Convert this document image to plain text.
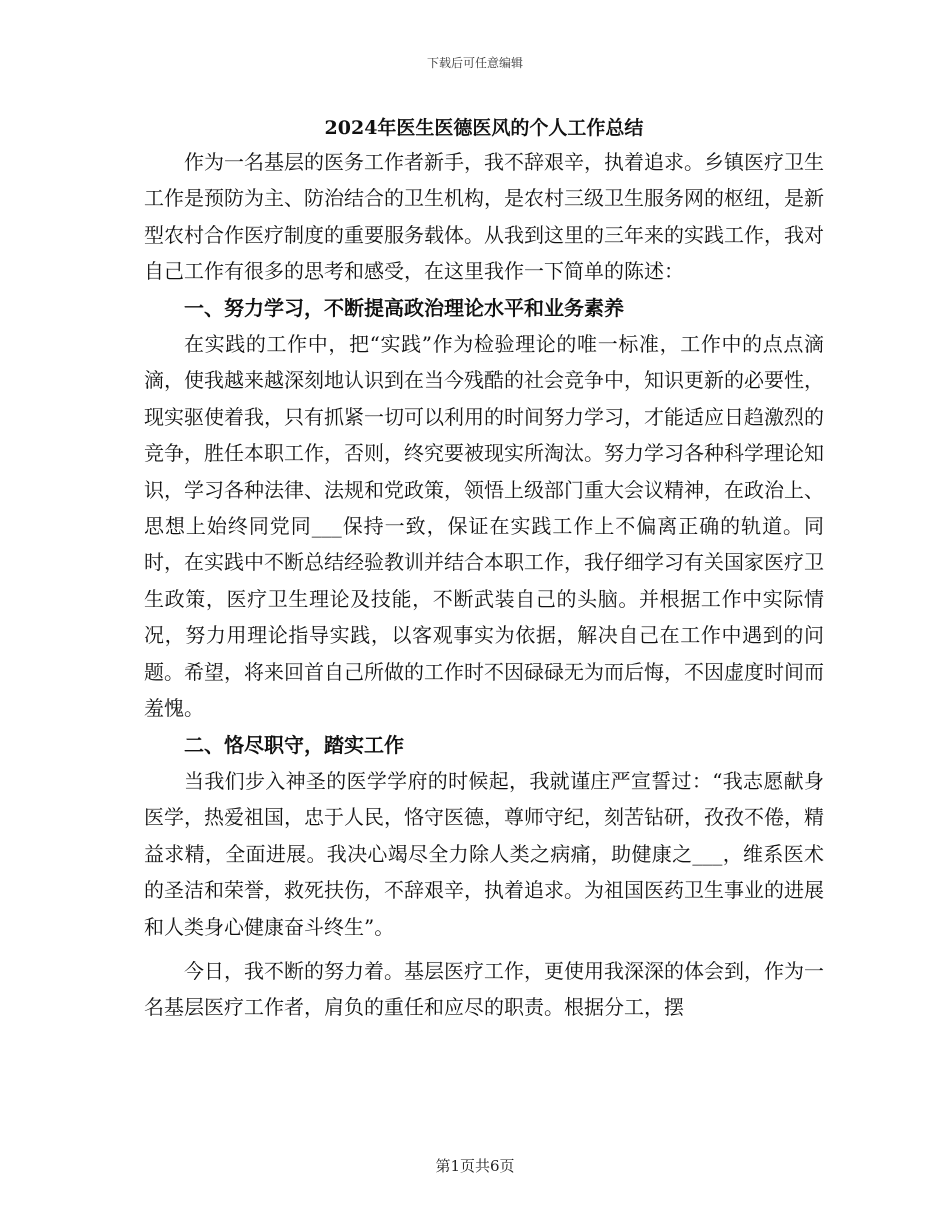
下载后可任意编辑
2024年医生医德医风的个人工作总结

作为一名基层的医务工作者新手，我不辞艰辛，执着追求。乡镇医疗卫生工作是预防为主、防治结合的卫生机构，是农村三级卫生服务网的枢纽，是新型农村合作医疗制度的重要服务载体。从我到这里的三年来的实践工作，我对自己工作有很多的思考和感受，在这里我作一下简单的陈述：

一、努力学习，不断提高政治理论水平和业务素养

在实践的工作中，把“实践”作为检验理论的唯一标准，工作中的点点滴滴，使我越来越深刻地认识到在当今残酷的社会竞争中，知识更新的必要性，现实驱使着我，只有抓紧一切可以利用的时间努力学习，才能适应日趋激烈的竞争，胜任本职工作，否则，终究要被现实所淘汰。努力学习各种科学理论知识，学习各种法律、法规和党政策，领悟上级部门重大会议精神，在政治上、思想上始终同党同___保持一致，保证在实践工作上不偏离正确的轨道。同时，在实践中不断总结经验教训并结合本职工作，我仔细学习有关国家医疗卫生政策，医疗卫生理论及技能，不断武装自己的头脑。并根据工作中实际情况，努力用理论指导实践，以客观事实为依据，解决自己在工作中遇到的问题。希望，将来回首自己所做的工作时不因碌碌无为而后悔，不因虚度时间而羞愧。

二、恪尽职守，踏实工作

当我们步入神圣的医学学府的时候起，我就谨庄严宣誓过：“我志愿献身医学，热爱祖国，忠于人民，恪守医德，尊师守纪，刻苦钻研，孜孜不倦，精益求精，全面进展。我决心竭尽全力除人类之病痛，助健康之___，维系医术的圣洁和荣誉，救死扶伤，不辞艰辛，执着追求。为祖国医药卫生事业的进展和人类身心健康奋斗终生”。

今日，我不断的努力着。基层医疗工作，更使用我深深的体会到，作为一名基层医疗工作者，肩负的重任和应尽的职责。根据分工，摆

第1页共6页
